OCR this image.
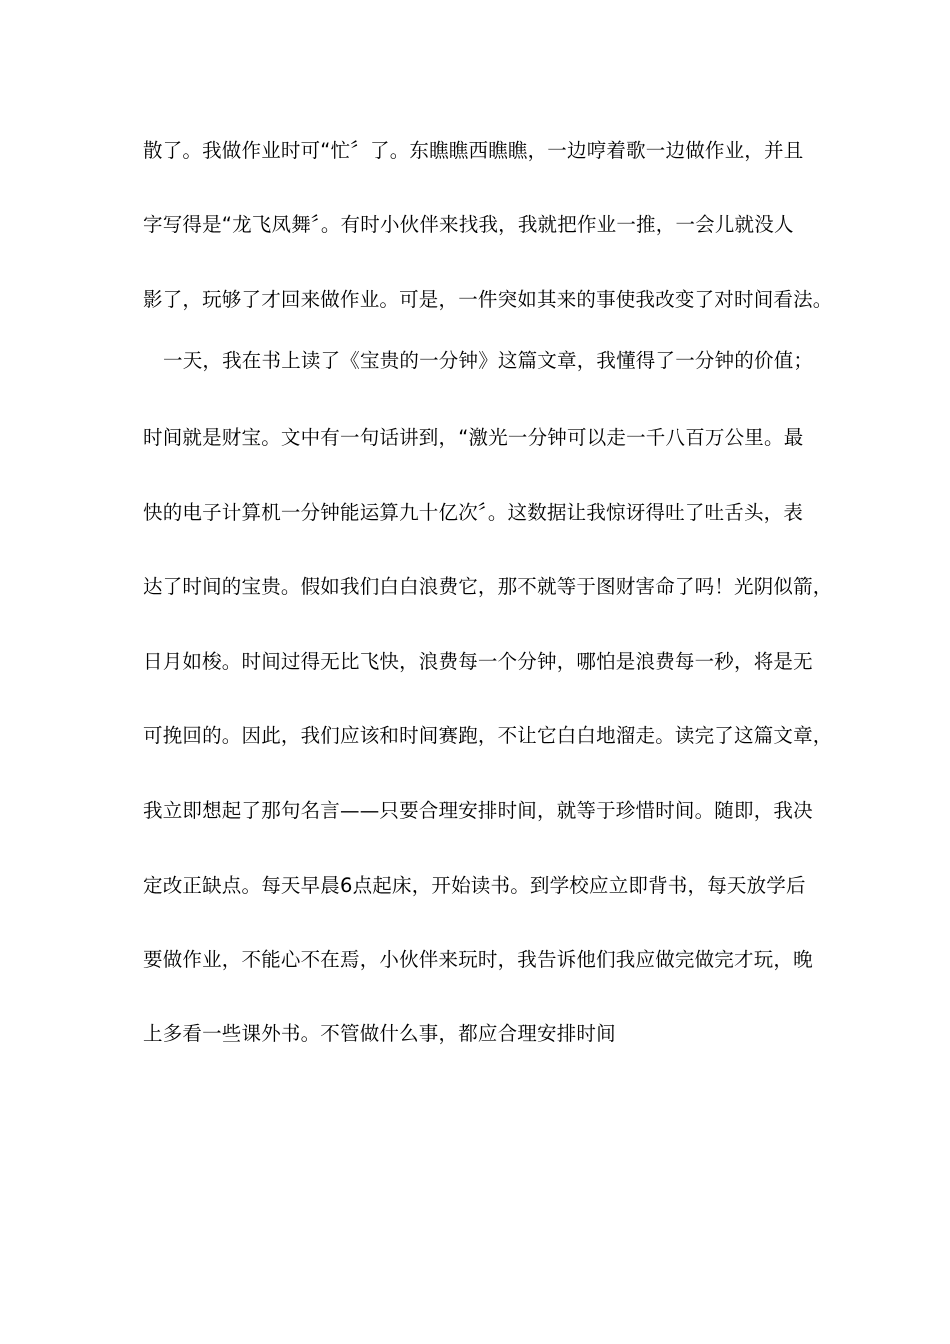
散了。我做作业时可“忙〞了。东瞧瞧西瞧瞧，一边哼着歌一边做作业，并且
字写得是“龙飞凤舞〞。有时小伙伴来找我，我就把作业一推，一会儿就没人
影了，玩够了才回来做作业。可是，一件突如其来的事使我改变了对时间看法。
一天，我在书上读了《宝贵的一分钟》这篇文章，我懂得了一分钟的价值；
时间就是财宝。文中有一句话讲到，“激光一分钟可以走一千八百万公里。最
快的电子计算机一分钟能运算九十亿次〞。这数据让我惊讶得吐了吐舌头，表
达了时间的宝贵。假如我们白白浪费它，那不就等于图财害命了吗！光阴似箭，
日月如梭。时间过得无比飞快，浪费每一个分钟，哪怕是浪费每一秒，将是无
可挽回的。因此，我们应该和时间赛跑，不让它白白地溜走。读完了这篇文章，
我立即想起了那句名言——只要合理安排时间，就等于珍惜时间。随即，我决
定改正缺点。每天早晨6点起床，开始读书。到学校应立即背书，每天放学后
要做作业，不能心不在焉，小伙伴来玩时，我告诉他们我应做完做完才玩，晚
上多看一些课外书。不管做什么事，都应合理安排时间
